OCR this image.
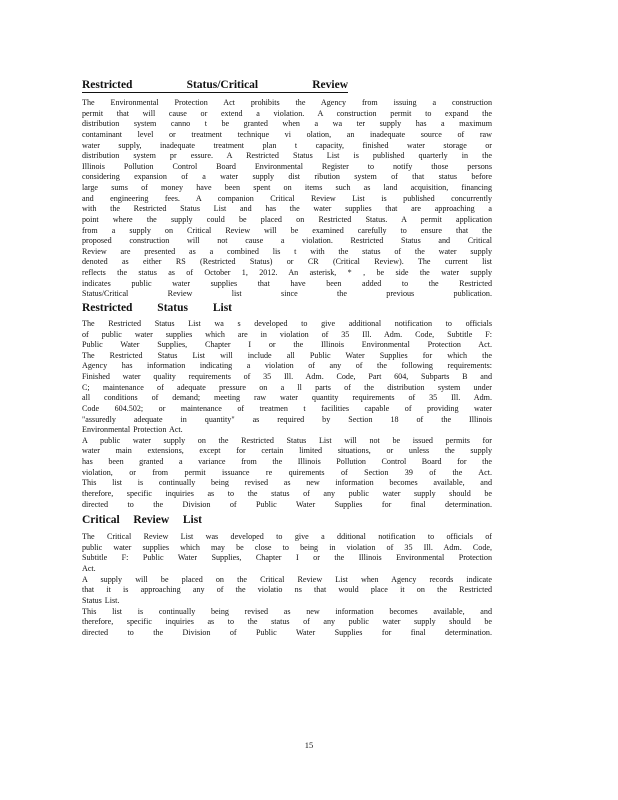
Restricted	Status/Critical	Review

The Environmental Protection Act prohibits the Agency from issuing a construction

permit that will cause or extend a violation. A construction permit to expand the

distribution system canno t be granted when a wa ter supply has a maximum

contaminant level or treatment technique vi olation, an inadequate source of raw

water supply, inadequate treatment plan t capacity, finished water storage or

distribution system pr essure. A Restricted Status List is published quarterly in the

Illinois Pollution Control Board Environmental Register to notify those persons

considering expansion of a water supply dist ribution system of that status before

large sums of money have been spent on items such as land acquisition, financing

and engineering fees. A companion Critical Review List is published concurrently

with the Restricted Status List and has the water supplies that are approaching a

point where the supply could be placed on Restricted Status. A permit application

from a supply on Critical Review will be examined carefully to ensure that the

proposed construction will not cause a violation. Restricted Status and Critical

Review are presented as a combined lis t with the status of the water supply

denoted as either RS (Restricted Status) or CR (Critical Review). The current list

reflects the status as of October 1, 2012. An asterisk, * , be side the water supply

indicates public water supplies that have been added to the Restricted

Status/Critical Review list since the previous publication.

Restricted Status List

The Restricted Status List wa s developed to give additional notification to officials

of public water supplies which are in violation of 35 Ill. Adm. Code, Subtitle F:

Public Water Supplies, Chapter I or the Illinois Environmental Protection Act.

The Restricted Status List will include all Public Water Supplies for which the

Agency has information indicating a violation of any of the following requirements:

Finished water quality requirements of 35 Ill. Adm. Code, Part 604, Subparts B and

C; maintenance of adequate pressure on a ll parts of the distribution system under

all conditions of demand; meeting raw water quantity requirements of 35 Ill. Adm.

Code 604.502; or maintenance of treatmen t facilities capable of providing water

"assuredly adequate in quantity" as required by Section 18 of the Illinois

Environmental Protection Act.

A public water supply on the Restricted Status List will not be issued permits for

water main extensions, except for certain limited situations, or unless the supply

has been granted a variance from the Illinois Pollution Control Board for the

violation, or from permit issuance re quirements of Section 39 of the Act.

This list is continually being revised as new information becomes available, and

therefore, specific inquiries as to the status of any public water supply should be

directed to the Division of Public Water Supplies for final determination.

Critical Review List

The Critical Review List was developed to give a dditional notification to officials of

public water supplies which may be close to being in violation of 35 Ill. Adm. Code,

Subtitle F: Public Water Supplies, Chapter I or the Illinois Environmental Protection

Act.

A supply will be placed on the Critical Review List when Agency records indicate

that it is approaching any of the violatio ns that would place it on the Restricted

Status List.

This list is continually being revised as new information becomes available, and

therefore, specific inquiries as to the status of any public water supply should be

directed to the Division of Public Water Supplies for final determination.

15
